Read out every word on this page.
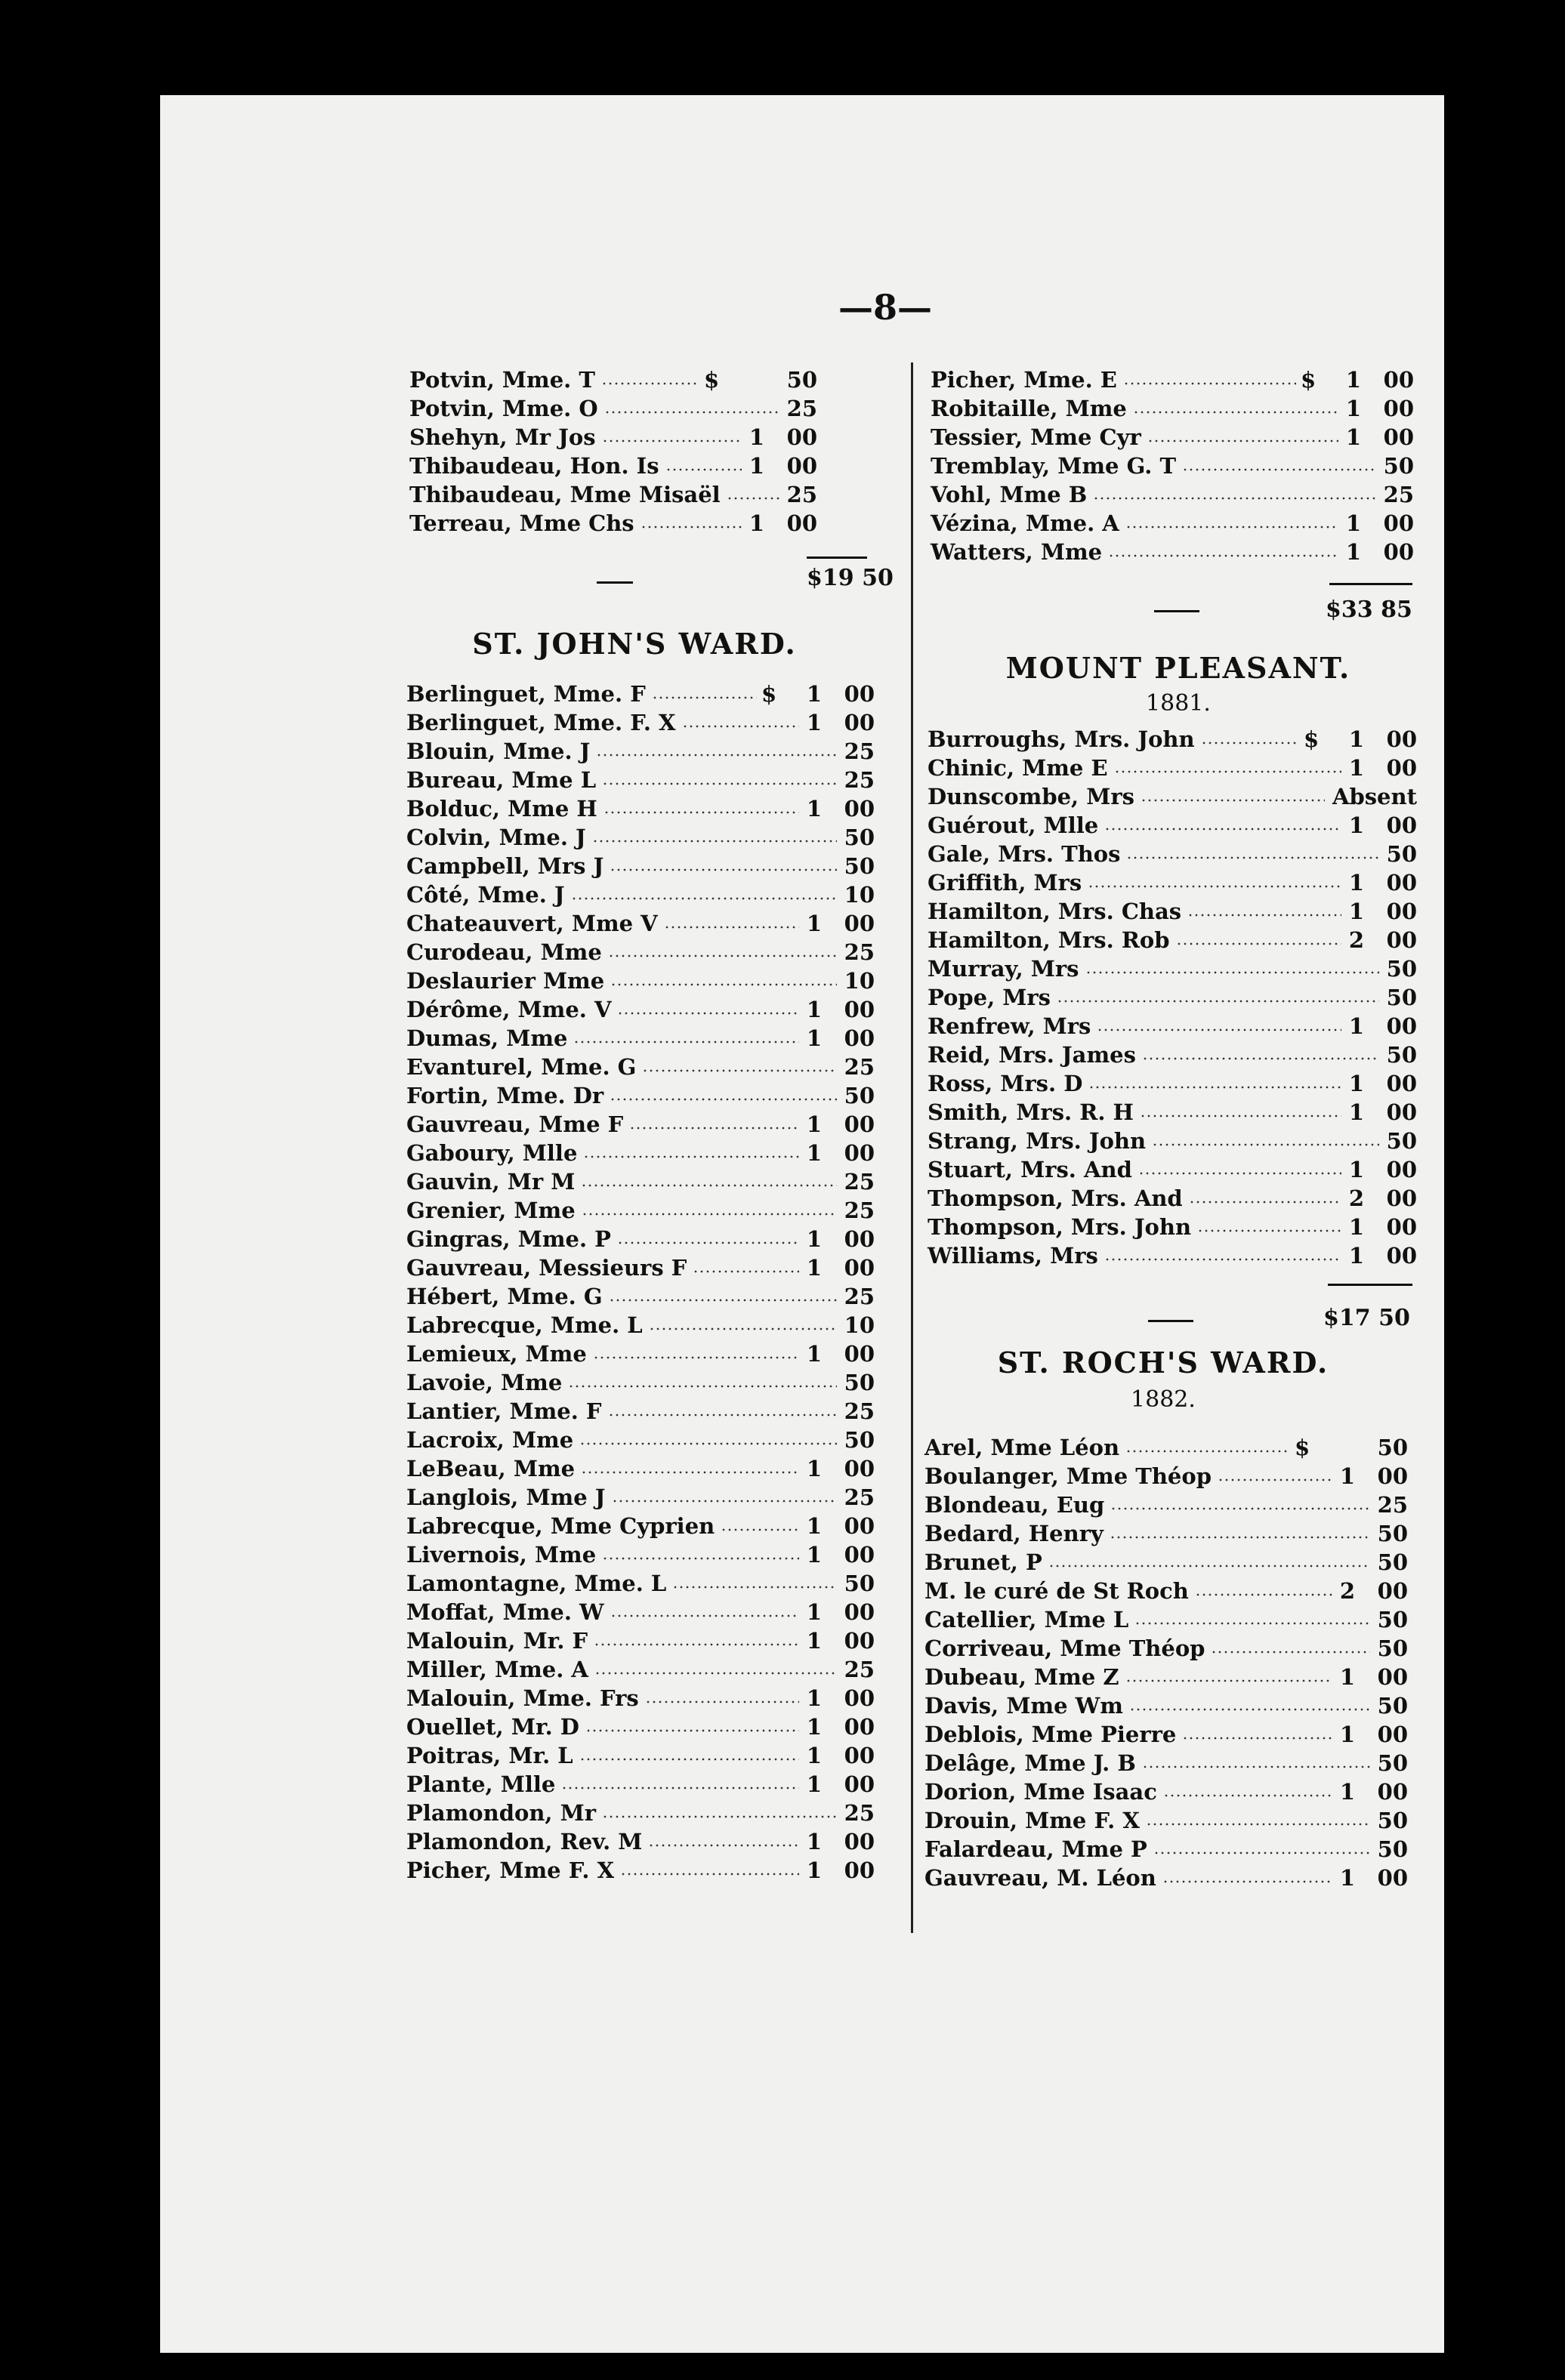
—8—
Potvin, Mme. T	$	50
Potvin, Mme. O	25
Shehyn, Mr Jos	1 00
Thibaudeau, Hon. Is	1 00
Thibaudeau, Mme Misaël	25
Terreau, Mme Chs	1 00
$19 50
ST. JOHN'S WARD.
Berlinguet, Mme. F	$ 1 00
Berlinguet, Mme. F. X	1 00
Blouin, Mme. J	25
Bureau, Mme L	25
Bolduc, Mme H	1 00
Colvin, Mme. J	50
Campbell, Mrs J	50
Côté, Mme. J	10
Chateauvert, Mme V	1 00
Curodeau, Mme	25
Deslaurier Mme	10
Dérôme, Mme. V	1 00
Dumas, Mme	1 00
Evanturel, Mme. G	25
Fortin, Mme. Dr	50
Gauvreau, Mme F	1 00
Gaboury, Mlle	1 00
Gauvin, Mr M	25
Grenier, Mme	25
Gingras, Mme. P	1 00
Gauvreau, Messieurs F	1 00
Hébert, Mme. G	25
Labrecque, Mme. L	10
Lemieux, Mme	1 00
Lavoie, Mme	50
Lantier, Mme. F	25
Lacroix, Mme	50
LeBeau, Mme	1 00
Langlois, Mme J	25
Labrecque, Mme Cyprien	1 00
Livernois, Mme	1 00
Lamontagne, Mme. L	50
Moffat, Mme. W	1 00
Malouin, Mr. F	1 00
Miller, Mme. A	25
Malouin, Mme. Frs	1 00
Ouellet, Mr. D	1 00
Poitras, Mr. L	1 00
Plante, Mlle	1 00
Plamondon, Mr	25
Plamondon, Rev. M	1 00
Picher, Mme F. X	1 00
Picher, Mme. E	$ 1 00
Robitaille, Mme	1 00
Tessier, Mme Cyr	1 00
Tremblay, Mme G. T	50
Vohl, Mme B	25
Vézina, Mme. A	1 00
Watters, Mme	1 00
$33 85
MOUNT PLEASANT.
1881.
Burroughs, Mrs. John	$ 1 00
Chinic, Mme E	1 00
Dunscombe, Mrs	Absent
Guérout, Mlle	1 00
Gale, Mrs. Thos	50
Griffith, Mrs	1 00
Hamilton, Mrs. Chas	1 00
Hamilton, Mrs. Rob	2 00
Murray, Mrs	50
Pope, Mrs	50
Renfrew, Mrs	1 00
Reid, Mrs. James	50
Ross, Mrs. D	1 00
Smith, Mrs. R. H	1 00
Strang, Mrs. John	50
Stuart, Mrs. And	1 00
Thompson, Mrs. And	2 00
Thompson, Mrs. John	1 00
Williams, Mrs	1 00
$17 50
ST. ROCH'S WARD.
1882.
Arel, Mme Léon	$	50
Boulanger, Mme Théop	1 00
Blondeau, Eug	25
Bedard, Henry	50
Brunet, P	50
M. le curé de St Roch	2 00
Catellier, Mme L	50
Corriveau, Mme Théop	50
Dubeau, Mme Z	1 00
Davis, Mme Wm	50
Deblois, Mme Pierre	1 00
Delâge, Mme J. B	50
Dorion, Mme Isaac	1 00
Drouin, Mme F. X	50
Falardeau, Mme P	50
Gauvreau, M. Léon	1 00
